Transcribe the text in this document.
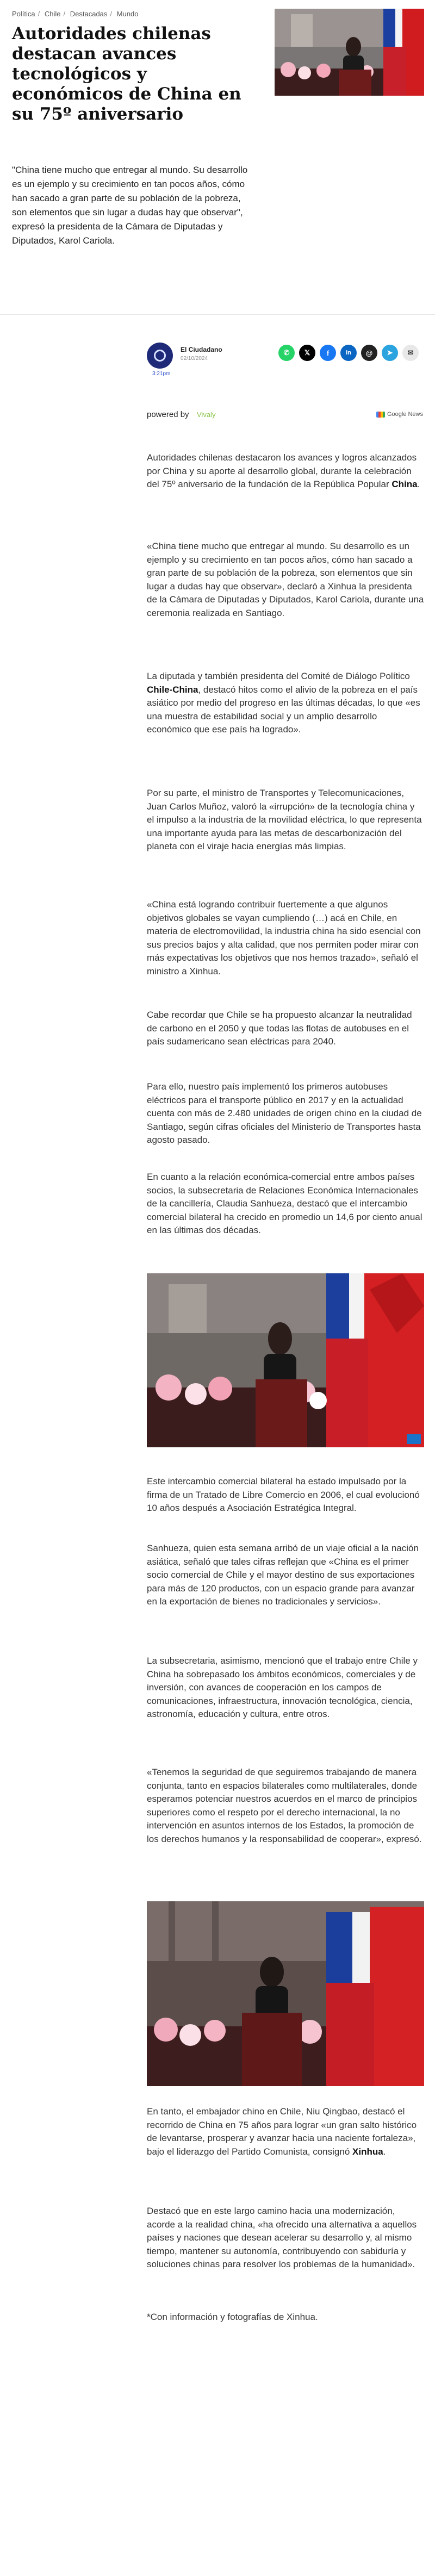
Política / Chile / Destacadas / Mundo
Autoridades chilenas destacan avances tecnológicos y económicos de China en su 75º aniversario

"China tiene mucho que entregar al mundo. Su desarrollo es un ejemplo y su crecimiento en tan pocos años, cómo han sacado a gran parte de su población de la pobreza, son elementos que sin lugar a dudas hay que observar", expresó la presidenta de la Cámara de Diputadas y Diputados, Karol Cariola.

El Ciudadano
02/10/2024
3:21pm
✆ 𝕏 f	in @ ➤ ✉
powered by Vivaly	Google News

Autoridades chilenas destacaron los avances y logros alcanzados por China y su aporte al desarrollo global, durante la celebración del 75º aniversario de la fundación de la República Popular China.

«China tiene mucho que entregar al mundo. Su desarrollo es un ejemplo y su crecimiento en tan pocos años, cómo han sacado a gran parte de su población de la pobreza, son elementos que sin lugar a dudas hay que observar», declaró a Xinhua la presidenta de la Cámara de Diputadas y Diputados, Karol Cariola, durante una ceremonia realizada en Santiago.

La diputada y también presidenta del Comité de Diálogo Político Chile-China, destacó hitos como el alivio de la pobreza en el país asiático por medio del progreso en las últimas décadas, lo que «es una muestra de estabilidad social y un amplio desarrollo económico que ese país ha logrado».

Por su parte, el ministro de Transportes y Telecomunicaciones, Juan Carlos Muñoz, valoró la «irrupción» de la tecnología china y el impulso a la industria de la movilidad eléctrica, lo que representa una importante ayuda para las metas de descarbonización del planeta con el viraje hacia energías más limpias.

«China está logrando contribuir fuertemente a que algunos objetivos globales se vayan cumpliendo (…) acá en Chile, en materia de electromovilidad, la industria china ha sido esencial con sus precios bajos y alta calidad, que nos permiten poder mirar con más expectativas los objetivos que nos hemos trazado», señaló el ministro a Xinhua.

Cabe recordar que Chile se ha propuesto alcanzar la neutralidad de carbono en el 2050 y que todas las flotas de autobuses en el país sudamericano sean eléctricas para 2040.

Para ello, nuestro país implementó los primeros autobuses eléctricos para el transporte público en 2017 y en la actualidad cuenta con más de 2.480 unidades de origen chino en la ciudad de Santiago, según cifras oficiales del Ministerio de Transportes hasta agosto pasado.

En cuanto a la relación económica-comercial entre ambos países socios, la subsecretaria de Relaciones Económica Internacionales de la cancillería, Claudia Sanhueza, destacó que el intercambio comercial bilateral ha crecido en promedio un 14,6 por ciento anual en las últimas dos décadas.

Este intercambio comercial bilateral ha estado impulsado por la firma de un Tratado de Libre Comercio en 2006, el cual evolucionó 10 años después a Asociación Estratégica Integral.

Sanhueza, quien esta semana arribó de un viaje oficial a la nación asiática, señaló que tales cifras reflejan que «China es el primer socio comercial de Chile y el mayor destino de sus exportaciones para más de 120 productos, con un espacio grande para avanzar en la exportación de bienes no tradicionales y servicios».

La subsecretaria, asimismo, mencionó que el trabajo entre Chile y China ha sobrepasado los ámbitos económicos, comerciales y de inversión, con avances de cooperación en los campos de comunicaciones, infraestructura, innovación tecnológica, ciencia, astronomía, educación y cultura, entre otros.

«Tenemos la seguridad de que seguiremos trabajando de manera conjunta, tanto en espacios bilaterales como multilaterales, donde esperamos potenciar nuestros acuerdos en el marco de principios superiores como el respeto por el derecho internacional, la no intervención en asuntos internos de los Estados, la promoción de los derechos humanos y la responsabilidad de cooperar», expresó.

En tanto, el embajador chino en Chile, Niu Qingbao, destacó el recorrido de China en 75 años para lograr «un gran salto histórico de levantarse, prosperar y avanzar hacia una naciente fortaleza», bajo el liderazgo del Partido Comunista, consignó Xinhua.

Destacó que en este largo camino hacia una modernización, acorde a la realidad china, «ha ofrecido una alternativa a aquellos países y naciones que desean acelerar su desarrollo y, al mismo tiempo, mantener su autonomía, contribuyendo con sabiduría y soluciones chinas para resolver los problemas de la humanidad».

*Con información y fotografías de Xinhua.
